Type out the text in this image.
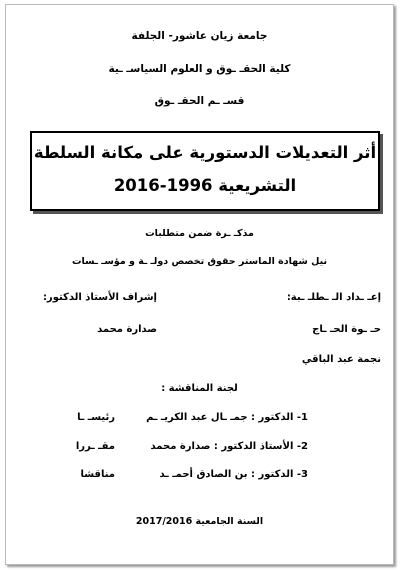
جامعة زيان عاشور- الجلفة
كلية الحقـ ـوق و العلوم السياسـ ـية
قسـ ـم الحقـ ـوق
أثر التعديلات الدستورية على مكانة السلطة
التشريعية 1996-2016
مذكـ ـرة ضمن متطلبات
نيل شهادة الماستر حقوق تخصص دولـ ـة و مؤسـ ـسات
إعـ ـداد الـ ـطلـ ـبة:
إشراف الأستاذ الدكتور:
حـ ـوة الحـ ـاج
صدارة محمد
نجمة عبد الباقي
لجنة المناقشة :
1- الدكتور : جمـ ـال عبد الكريـ ـم
رئيسـ ـا
2- الأستاذ الدكتور : صدارة محمد
مقـ ـررا
3- الدكتور : بن الصادق أحمـ ـد
مناقشا
السنة الجامعية 2017/2016
